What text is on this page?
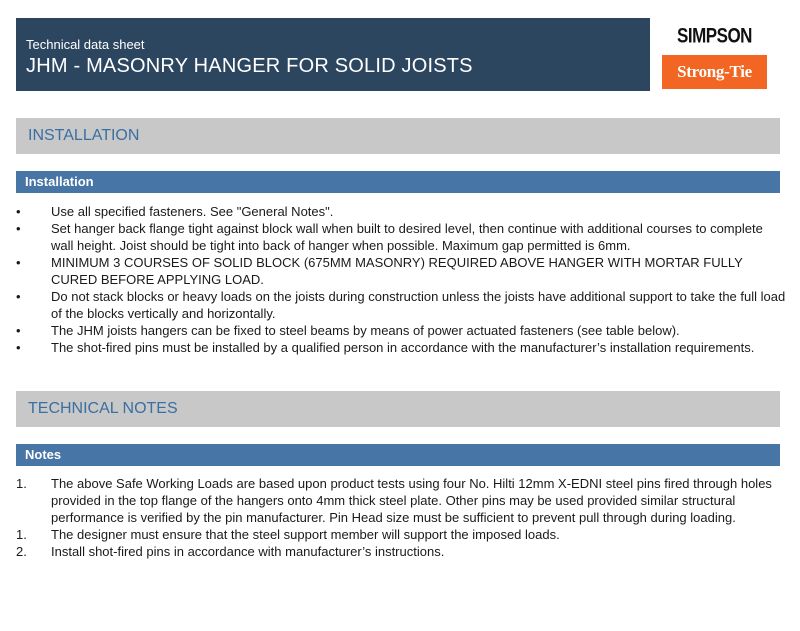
Technical data sheet
JHM - MASONRY HANGER FOR SOLID JOISTS
SIMPSON
Strong-Tie
INSTALLATION
Installation
•	Use all specified fasteners. See "General Notes".
•	Set hanger back flange tight against block wall when built to desired level, then continue with additional courses to complete wall height. Joist should be tight into back of hanger when possible. Maximum gap permitted is 6mm.
•	MINIMUM 3 COURSES OF SOLID BLOCK (675MM MASONRY) REQUIRED ABOVE HANGER WITH MORTAR FULLY CURED BEFORE APPLYING LOAD.
•	Do not stack blocks or heavy loads on the joists during construction unless the joists have additional support to take the full load of the blocks vertically and horizontally.
•	The JHM joists hangers can be fixed to steel beams by means of power actuated fasteners (see table below).
•	The shot-fired pins must be installed by a qualified person in accordance with the manufacturer’s installation requirements.
TECHNICAL NOTES
Notes
1.	The above Safe Working Loads are based upon product tests using four No. Hilti 12mm X-EDNI steel pins fired through holes provided in the top flange of the hangers onto 4mm thick steel plate. Other pins may be used provided similar structural performance is verified by the pin manufacturer. Pin Head size must be sufficient to prevent pull through during loading.
1.	The designer must ensure that the steel support member will support the imposed loads.
2.	Install shot-fired pins in accordance with manufacturer’s instructions.
